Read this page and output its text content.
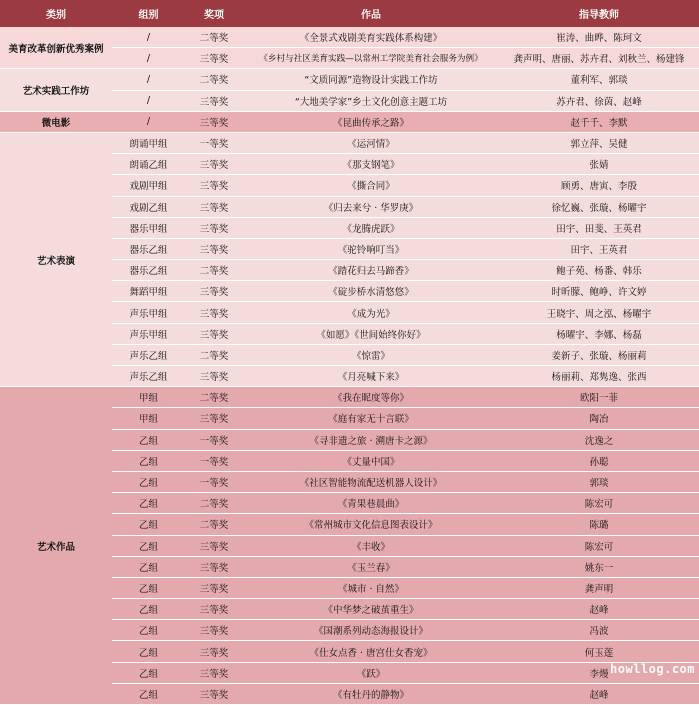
类别	组别	奖项	作品	指导教师
美育改革创新优秀案例	/	二等奖	《全景式戏剧美育实践体系构建》	崔涛、曲晔、陈珂文
	/	三等奖	《乡村与社区美育实践—以常州工学院美育社会服务为例》	龚声明、唐丽、苏卉君、刘秋兰、杨建锋
艺术实践工作坊	/	二等奖	“文质同源”造物设计实践工作坊	董利军、郭琰
	/	三等奖	“大地美学家”乡土文化创意主题工坊	苏卉君、徐茵、赵峰
微电影	/	三等奖	《昆曲传承之路》	赵千千、李默
艺术表演	朗诵甲组	一等奖	《运河情》	郭立萍、吴健
	朗诵乙组	三等奖	《那支钢笔》	张婧
	戏剧甲组	三等奖	《撕合同》	顾勇、唐寅、李殷
	戏剧乙组	三等奖	《归去来兮 · 华罗庚》	徐忆巍、张璇、杨曜宇
	器乐甲组	三等奖	《龙腾虎跃》	田宇、田斐、王英君
	器乐乙组	三等奖	《驼铃响叮当》	田宇、王英君
	器乐乙组	二等奖	《踏花归去马蹄香》	鲍子苑、杨番、韩乐
	舞蹈甲组	三等奖	《碇步桥水清悠悠》	时昕朦、鲍峥、许文婷
	声乐甲组	三等奖	《成为光》	王晓宇、周之泓、杨曜宇
	声乐甲组	三等奖	《如愿》《世间始终你好》	杨曜宇、李娜、杨磊
	声乐乙组	二等奖	《惊雷》	姜新子、张璇、杨丽莉
	声乐乙组	三等奖	《月亮喊下来》	杨丽莉、郑隽逸、张西
艺术作品	甲组	二等奖	《我在昵度等你》	欧阳一菲
	甲组	三等奖	《庭有家无十言联》	陶冶
	乙组	一等奖	《寻非遗之旅 · 溯唐卡之源》	沈逸之
	乙组	一等奖	《丈量中国》	孙聪
	乙组	一等奖	《社区智能物流配送机器人设计》	郭琰
	乙组	二等奖	《青果巷晨曲》	陈宏可
	乙组	二等奖	《常州城市文化信息图表设计》	陈璐
	乙组	三等奖	《丰收》	陈宏可
	乙组	三等奖	《玉兰春》	姚东一
	乙组	三等奖	《城市 · 自然》	龚声明
	乙组	三等奖	《中华梦之破茧重生》	赵峰
	乙组	三等奖	《国潮系列动态海报设计》	冯波
	乙组	三等奖	《仕女点香 · 唐宫仕女香宠》	何玉莲
	乙组	三等奖	《跃》	李熳
	乙组	三等奖	《有牡丹的静物》	赵峰
howllog.com
